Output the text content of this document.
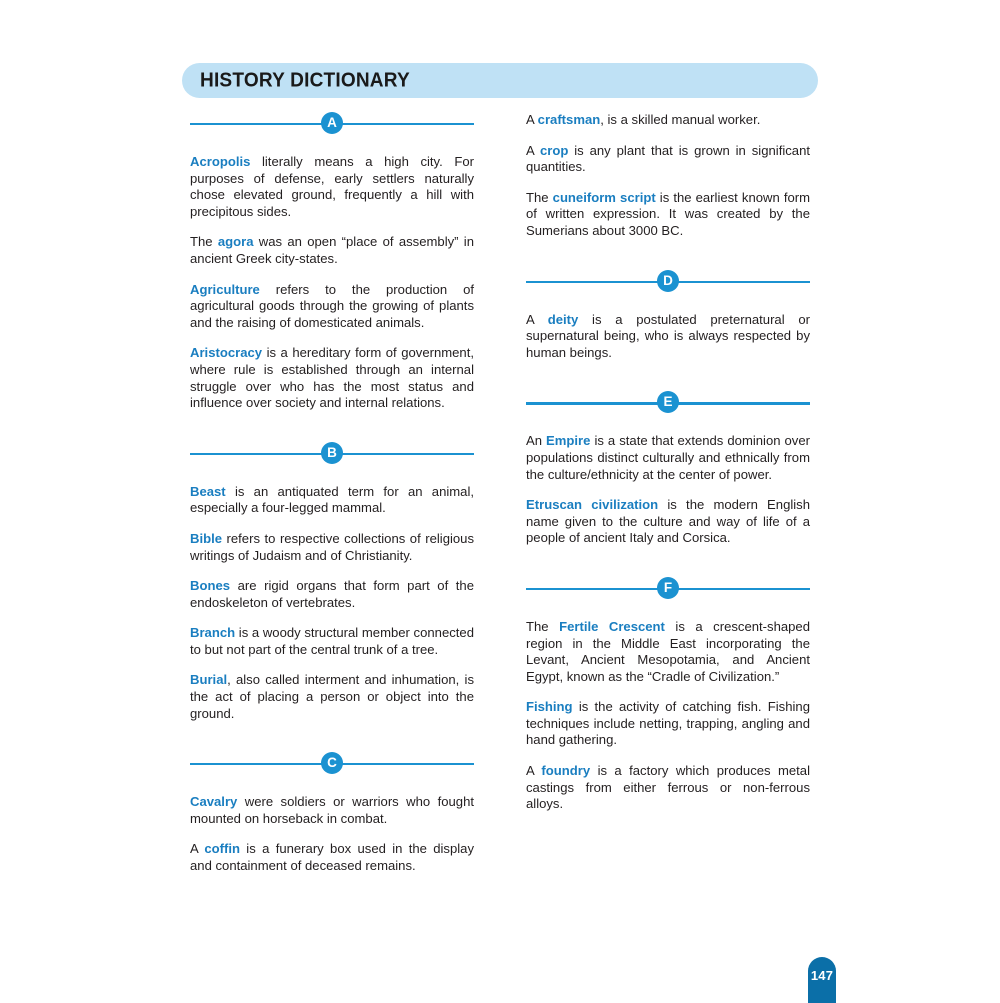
HISTORY DICTIONARY
A

Acropolis literally means a high city. For purposes of defense, early settlers naturally chose elevated ground, frequently a hill with precipitous sides.

The agora was an open “place of assembly” in ancient Greek city-states.

Agriculture refers to the production of agricultural goods through the growing of plants and the raising of domesticated animals.

Aristocracy is a hereditary form of government, where rule is established through an internal struggle over who has the most status and influence over society and internal relations.

B

Beast is an antiquated term for an animal, especially a four-legged mammal.

Bible refers to respective collections of religious writings of Judaism and of Christianity.

Bones are rigid organs that form part of the endoskeleton of vertebrates.

Branch is a woody structural member connected to but not part of the central trunk of a tree.

Burial, also called interment and inhumation, is the act of placing a person or object into the ground.

C

Cavalry were soldiers or warriors who fought mounted on horseback in combat.

A coffin is a funerary box used in the display and containment of deceased remains.

A craftsman, is a skilled manual worker.

A crop is any plant that is grown in significant quantities.

The cuneiform script is the earliest known form of written expression. It was created by the Sumerians about 3000 BC.

D

A deity is a postulated preternatural or supernatural being, who is always respected by human beings.

E

An Empire is a state that extends dominion over populations distinct culturally and ethnically from the culture/ethnicity at the center of power.

Etruscan civilization is the modern English name given to the culture and way of life of a people of ancient Italy and Corsica.

F

The Fertile Crescent is a crescent-shaped region in the Middle East incorporating the Levant, Ancient Mesopotamia, and Ancient Egypt, known as the “Cradle of Civilization.”

Fishing is the activity of catching fish. Fishing techniques include netting, trapping, angling and hand gathering.

A foundry is a factory which produces metal castings from either ferrous or non-ferrous alloys.

147
